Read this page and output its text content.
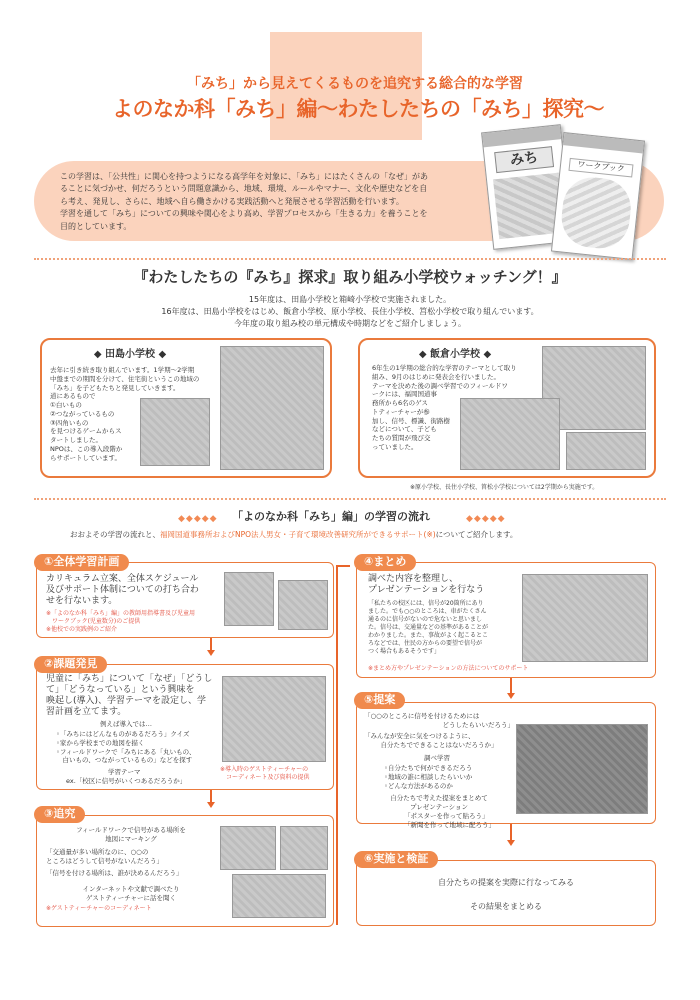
「みち」から見えてくるものを追究する総合的な学習
よのなか科「みち」編〜わたしたちの「みち」探究〜
この学習は、「公共性」に関心を持つようになる高学年を対象に、「みち」にはたくさんの「なぜ」があ
ることに気づかせ、何だろうという問題意識から、地域、環境、ルールやマナー、文化や歴史などを自
ら考え、発見し、さらに、地域へ自ら働きかける実践活動へと発展させる学習活動を行います。
学習を通して「みち」についての興味や関心をより高め、学習プロセスから「生きる力」を養うことを
目的としています。
みち	ワークブック
『わたしたちの『みち』探求』取り組み小学校ウォッチング！』
15年度は、田島小学校と箱崎小学校で実施されました。
16年度は、田島小学校をはじめ、飯倉小学校、原小学校、長住小学校、筥松小学校で取り組んでいます。
今年度の取り組み校の単元構成や時期などをご紹介しましょう。
◆ 田島小学校 ◆
去年に引き続き取り組んでいます。1学期〜2学期
中盤までの期間を分けて、住宅街というこの地域の
「みち」を子どもたちと発見していきます。
道にあるもので
①白いもの
②つながっているもの
③四角いもの
を見つけるゲームからス
タートしました。
NPOは、この導入段階か
らサポートしています。
◆ 飯倉小学校 ◆
6年生の1学期の総合的な学習のテーマとして取り
組み、9月のはじめに発表会を行いました。
テーマを決めた後の調べ学習でのフィールドワ
ークには、福岡国道事
務所から6名のゲス
トティーチャーが参
加し、信号、標識、街路樹
などについて、子ども
たちの質問が飛び交
っていました。
※原小学校、長住小学校、筥松小学校については2学期から実施です。
◆◆◆◆◆ 「よのなか科「みち」編」の学習の流れ	◆◆◆◆◆
おおよその学習の流れと、福岡国道事務所およびNPO法人男女・子育て環境改善研究所ができるサポート(※)についてご紹介します。
①全体学習計画
カリキュラム立案、全体スケジュール
及びサポート体制についての打ち合わ
せを行ないます。
※「よのなか科「みち」編」の教師用指導書及び児童用
　ワークブック(児童数分)のご提供
※他校での実践例のご紹介
②課題発見
児童に「みち」について「なぜ」「どうし
て」「どうなっている」という興味を
喚起し(導入)、学習テーマを設定し、学
習計画を立てます。
例えば導入では…
◦「みちにはどんなものがあるだろう」クイズ
◦家から学校までの地図を描く
◦フィールドワークで「みちにある「丸いもの、
　白いもの、つながっているもの」などを探す
学習テーマ
ex.「校区に信号がいくつあるだろうか」
※導入時のゲストティーチャーの
　コーディネート及び資料の提供
③追究
フィールドワークで信号がある場所を
地図にマーキング
「交通量が多い場所なのに、○○の
ところはどうして信号がないんだろう」
「信号を付ける場所は、誰が決めるんだろう」
インターネットや文献で調べたり
ゲストティーチャーに話を聞く
※ゲストティーチャーのコーディネート
④まとめ
調べた内容を整理し、
プレゼンテーションを行なう
「私たちの校区には、信号が20箇所にあり
ました。でも○○のところは、車がたくさん
通るのに信号がないので危ないと思いまし
た。信号は、交通量などの基準があることが
わかりました。また、事故がよく起こるとこ
ろなどでは、住民の方からの要望で信号が
つく場合もあるそうです」
※まとめ方やプレゼンテーションの方法についてのサポート
⑤提案
「○○のところに信号を付けるためには
どうしたらいいだろう」
「みんなが安全に気をつけるように、
自分たちでできることはないだろうか」
調べ学習
◦自分たちで何ができるだろう
◦地域の誰に相談したらいいか
◦どんな方法があるのか
自分たちで考えた提案をまとめて
プレゼンテーション
「ポスターを作って貼ろう」
「新聞を作って地域に配ろう」
⑥実施と検証
自分たちの提案を実際に行なってみる
その結果をまとめる
